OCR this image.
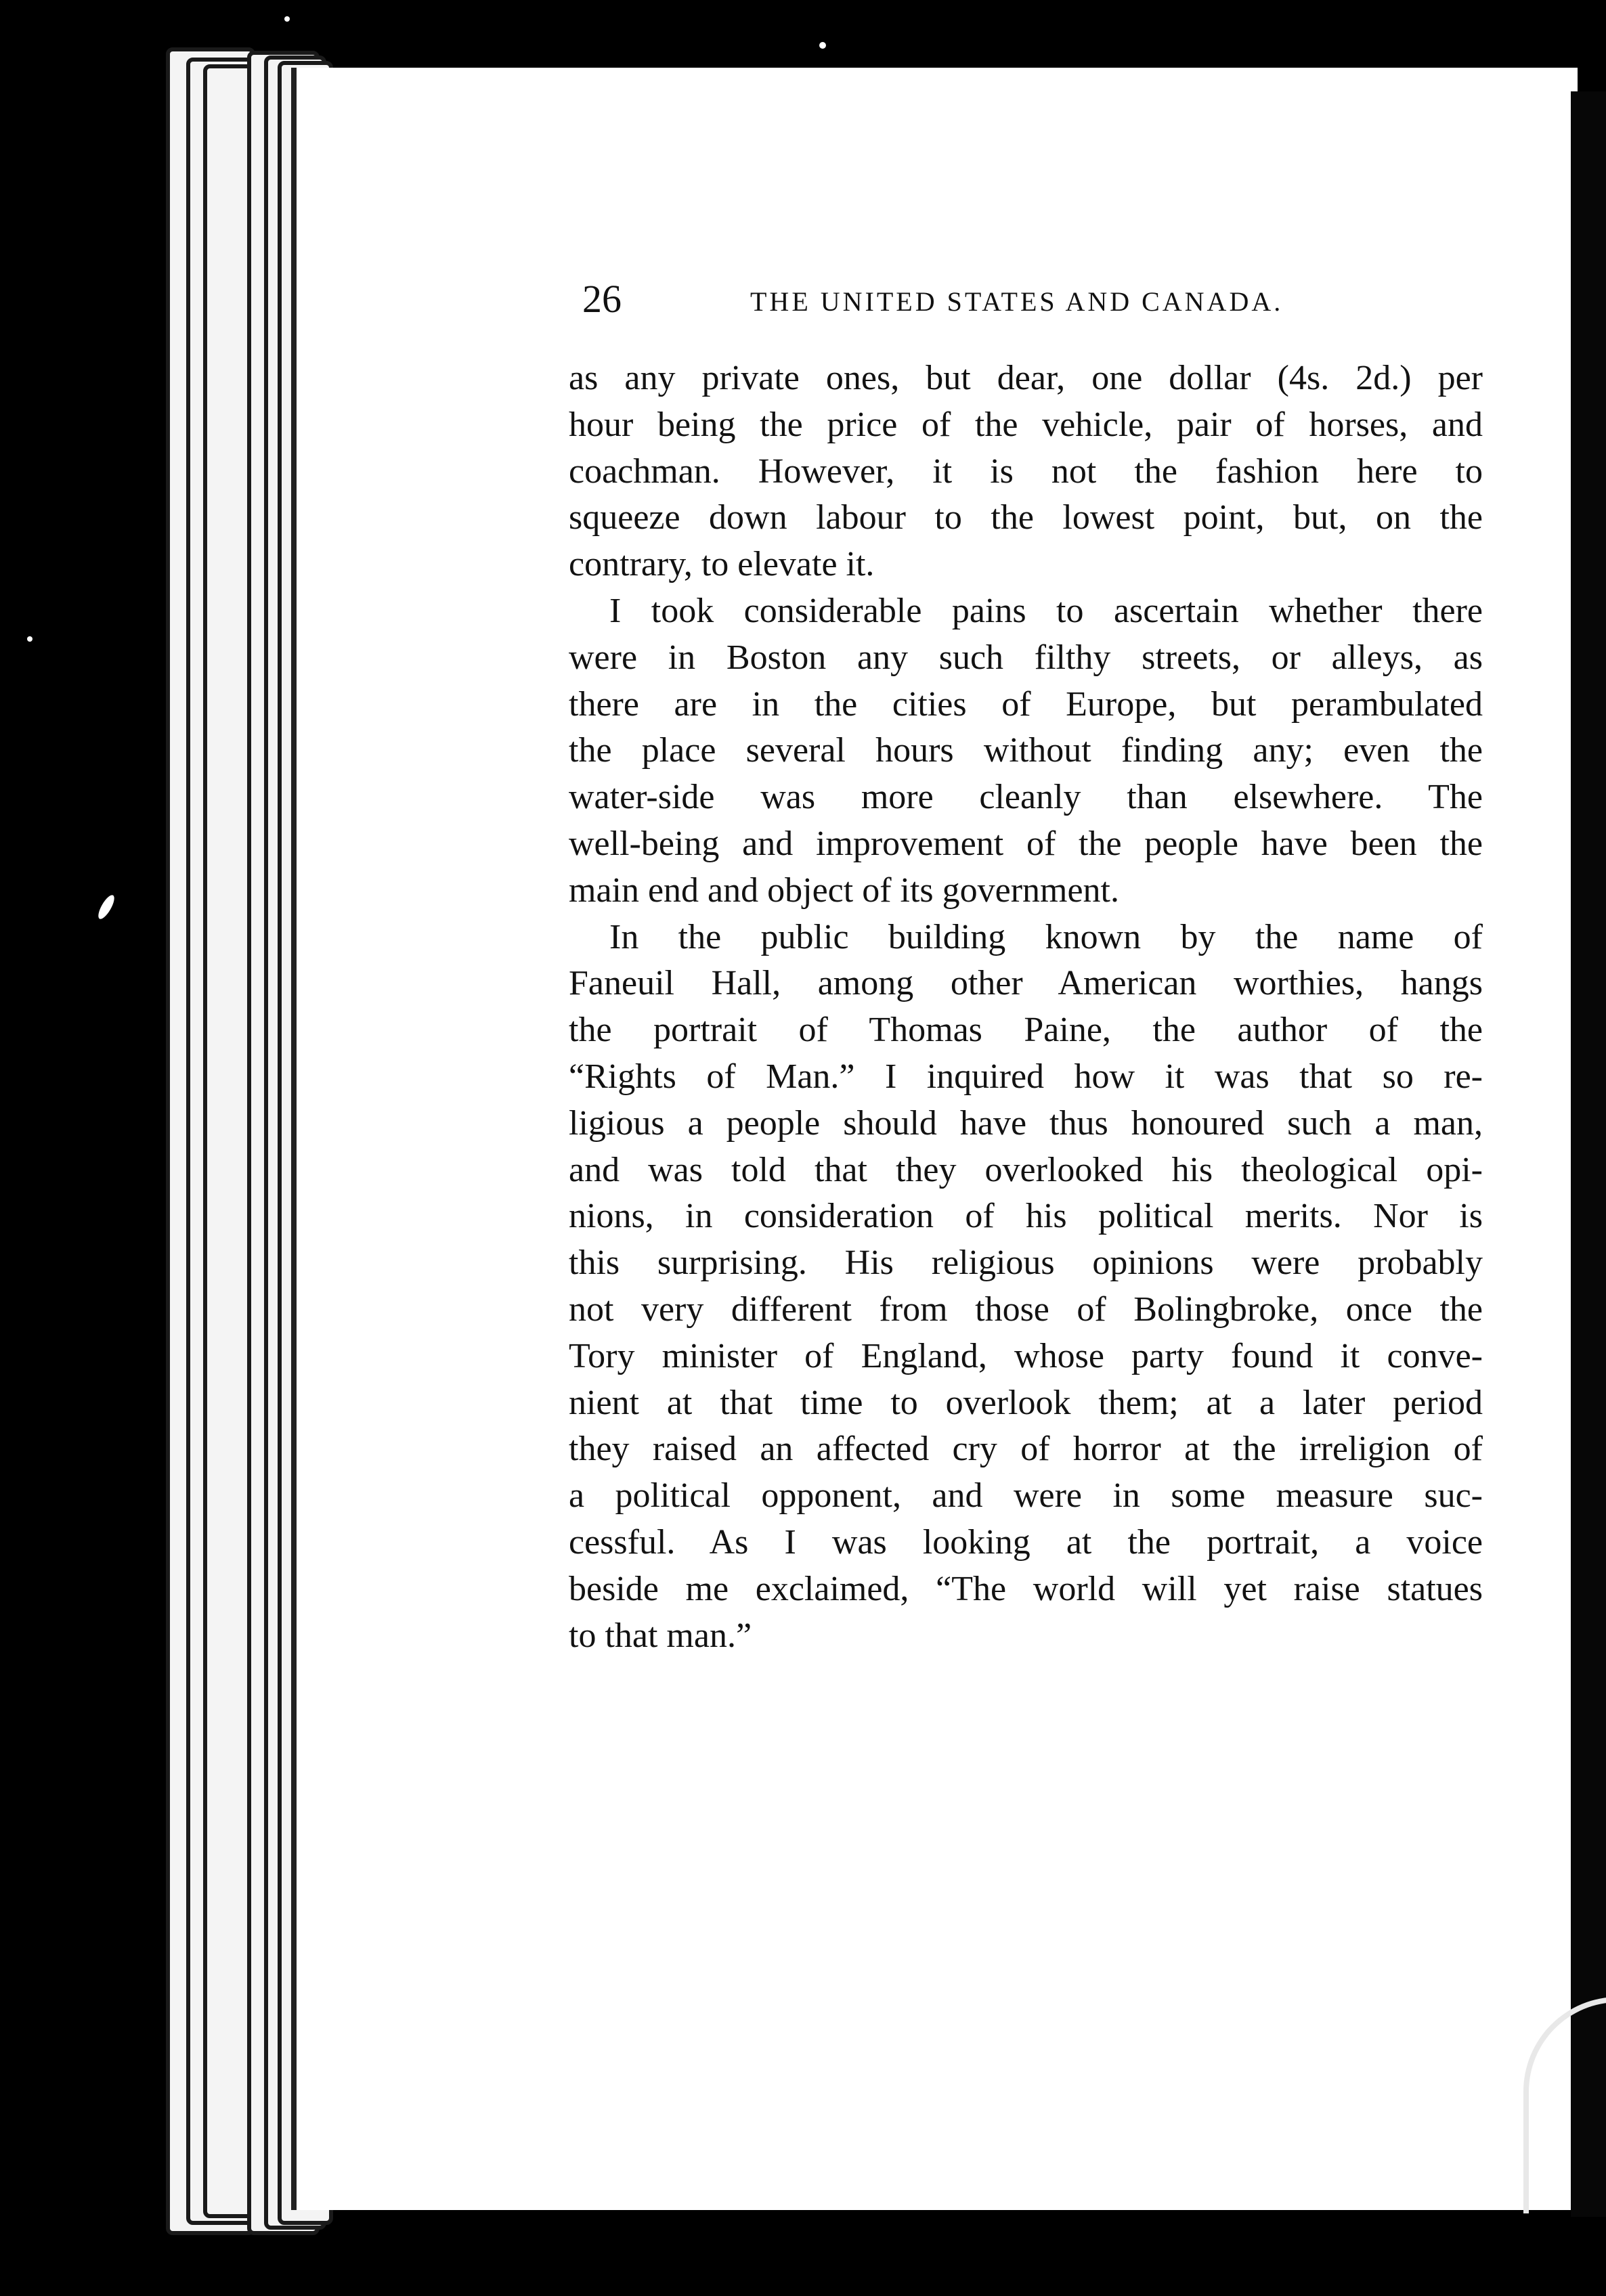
26	THE UNITED STATES AND CANADA.
as any private ones, but dear, one dollar (4s. 2d.) per
hour being the price of the vehicle, pair of horses, and
coachman. However, it is not the fashion here to
squeeze down labour to the lowest point, but, on the
contrary, to elevate it.
I took considerable pains to ascertain whether there
were in Boston any such filthy streets, or alleys, as
there are in the cities of Europe, but perambulated
the place several hours without finding any; even the
water-side was more cleanly than elsewhere. The
well-being and improvement of the people have been the
main end and object of its government.
In the public building known by the name of
Faneuil Hall, among other American worthies, hangs
the portrait of Thomas Paine, the author of the
“Rights of Man.” I inquired how it was that so re-
ligious a people should have thus honoured such a man,
and was told that they overlooked his theological opi-
nions, in consideration of his political merits. Nor is
this surprising. His religious opinions were probably
not very different from those of Bolingbroke, once the
Tory minister of England, whose party found it conve-
nient at that time to overlook them; at a later period
they raised an affected cry of horror at the irreligion of
a political opponent, and were in some measure suc-
cessful. As I was looking at the portrait, a voice
beside me exclaimed, “The world will yet raise statues
to that man.”
